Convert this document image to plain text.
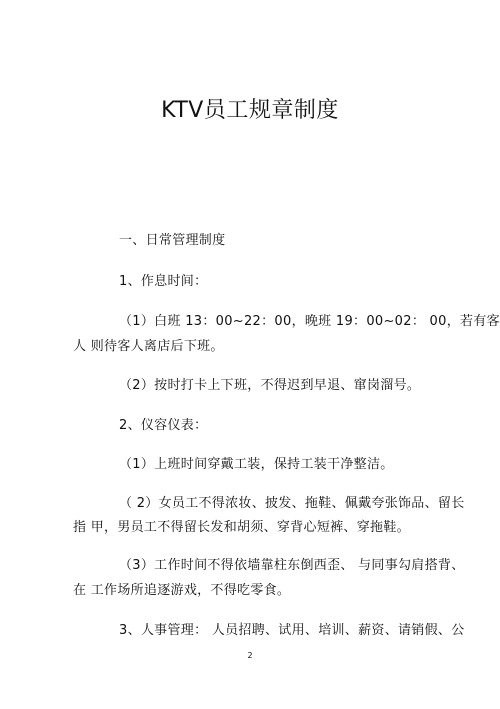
KTV员工规章制度
一、日常管理制度
1、作息时间：
（1）白班 13：00~22：00，晚班 19：00~02： 00，若有客
人 则待客人离店后下班。
（2）按时打卡上下班，不得迟到早退、窜岗溜号。
2、仪容仪表：
（1）上班时间穿戴工装，保持工装干净整洁。
（ 2）女员工不得浓妆、披发、拖鞋、佩戴夸张饰品、留长
指 甲，男员工不得留长发和胡须、穿背心短裤、穿拖鞋。
（3）工作时间不得依墙靠柱东倒西歪、 与同事勾肩搭背、
在 工作场所追逐游戏，不得吃零食。
3、人事管理： 人员招聘、试用、培训、薪资、请销假、公
2
